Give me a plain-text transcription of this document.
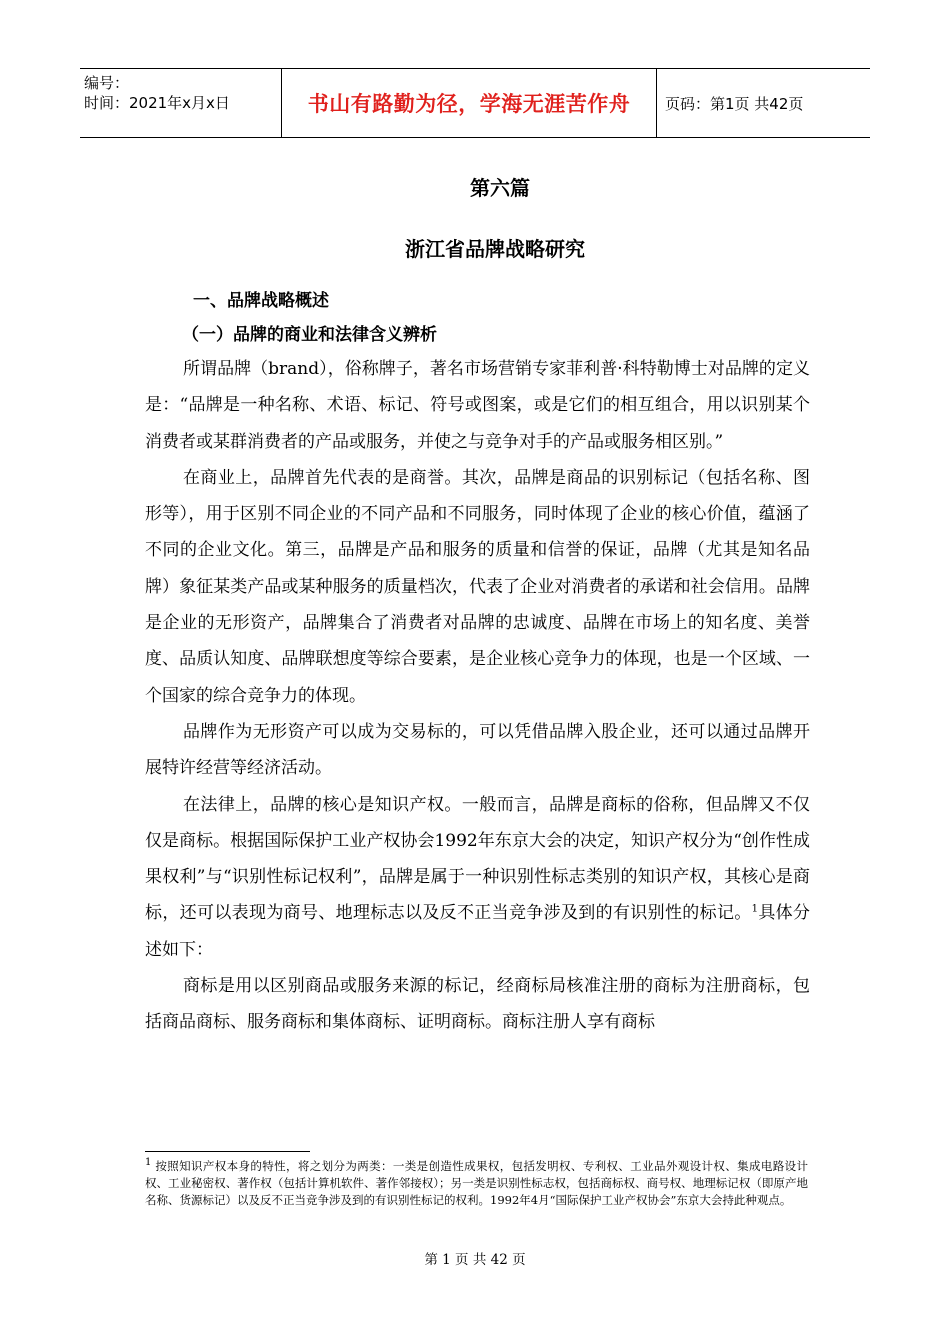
编号：
时间：2021年x月x日	书山有路勤为径，学海无涯苦作舟	页码：第1页 共42页
第六篇
浙江省品牌战略研究
一、品牌战略概述
（一）品牌的商业和法律含义辨析

所谓品牌（brand），俗称牌子，著名市场营销专家菲利普·科特勒博士对品牌的定义是：“品牌是一种名称、术语、标记、符号或图案，或是它们的相互组合，用以识别某个消费者或某群消费者的产品或服务，并使之与竞争对手的产品或服务相区别。”

在商业上，品牌首先代表的是商誉。其次，品牌是商品的识别标记（包括名称、图形等），用于区别不同企业的不同产品和不同服务，同时体现了企业的核心价值，蕴涵了不同的企业文化。第三，品牌是产品和服务的质量和信誉的保证，品牌（尤其是知名品牌）象征某类产品或某种服务的质量档次，代表了企业对消费者的承诺和社会信用。品牌是企业的无形资产，品牌集合了消费者对品牌的忠诚度、品牌在市场上的知名度、美誉度、品质认知度、品牌联想度等综合要素，是企业核心竞争力的体现，也是一个区域、一个国家的综合竞争力的体现。

品牌作为无形资产可以成为交易标的，可以凭借品牌入股企业，还可以通过品牌开展特许经营等经济活动。

在法律上，品牌的核心是知识产权。一般而言，品牌是商标的俗称，但品牌又不仅仅是商标。根据国际保护工业产权协会1992年东京大会的决定，知识产权分为“创作性成果权利”与“识别性标记权利”，品牌是属于一种识别性标志类别的知识产权，其核心是商标，还可以表现为商号、地理标志以及反不正当竞争涉及到的有识别性的标记。$^1$具体分述如下：

商标是用以区别商品或服务来源的标记，经商标局核准注册的商标为注册商标，包括商品商标、服务商标和集体商标、证明商标。商标注册人享有商标

$^1$ 按照知识产权本身的特性，将之划分为两类：一类是创造性成果权，包括发明权、专利权、工业品外观设计权、集成电路设计权、工业秘密权、著作权（包括计算机软件、著作邻接权）；另一类是识别性标志权，包括商标权、商号权、地理标记权（即原产地名称、货源标记）以及反不正当竞争涉及到的有识别性标记的权利。1992年4月“国际保护工业产权协会”东京大会持此种观点。
第 1 页 共 42 页
